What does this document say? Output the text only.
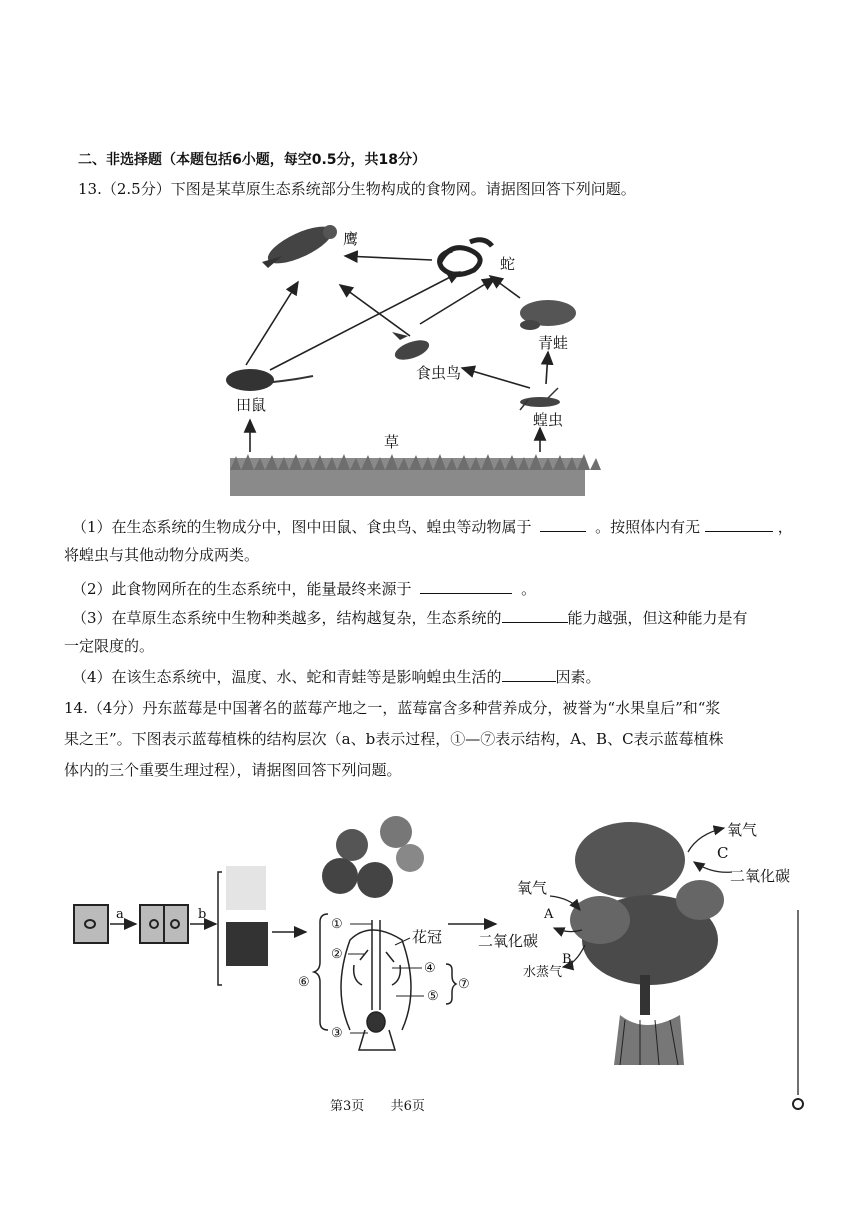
二、非选择题（本题包括6小题，每空0.5分，共18分）
13.（2.5分）下图是某草原生态系统部分生物构成的食物网。请据图回答下列问题。
鹰
蛇
青蛙
食虫鸟
田鼠
蝗虫
草
（1）在生态系统的生物成分中，图中田鼠、食虫鸟、蝗虫等动物属于	。按照体内有无	，
将蝗虫与其他动物分成两类。
（2）此食物网所在的生态系统中，能量最终来源于	。
（3）在草原生态系统中生物种类越多，结构越复杂，生态系统的	能力越强，但这种能力是有
一定限度的。
（4）在该生态系统中，温度、水、蛇和青蛙等是影响蝗虫生活的	因素。
14.（4分）丹东蓝莓是中国著名的蓝莓产地之一，蓝莓富含多种营养成分，被誉为“水果皇后”和“浆
果之王”。下图表示蓝莓植株的结构层次（a、b表示过程，①—⑦表示结构，A、B、C表示蓝莓植株
体内的三个重要生理过程），请据图回答下列问题。
a	b
①
②
③
④
⑤
⑥	⑦
花冠
氧气
C
二氧化碳
氧气
A
二氧化碳
B
水蒸气
第3页 共6页
